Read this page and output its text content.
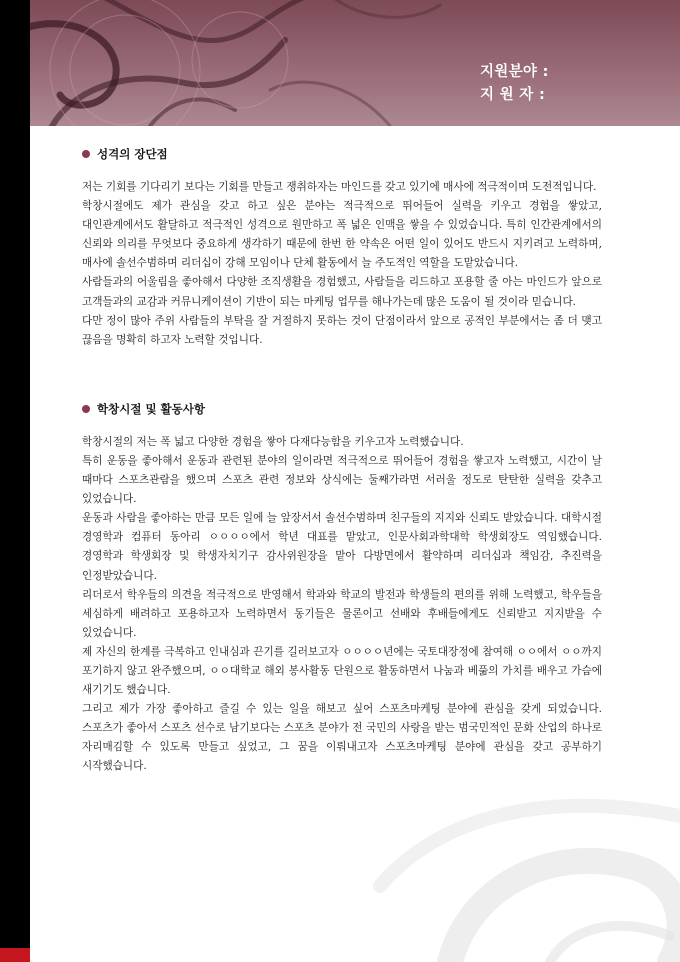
지원분야 :
지 원 자 :
성격의 장단점

저는 기회를 기다리기 보다는 기회를 만들고 쟁취하자는 마인드를 갖고 있기에 매사에 적극적이며 도전적입니다.

학창시절에도 제가 관심을 갖고 하고 싶은 분야는 적극적으로 뛰어들어 실력을 키우고 경험을 쌓았고, 대인관계에서도 활달하고 적극적인 성격으로 원만하고 폭 넓은 인맥을 쌓을 수 있었습니다. 특히 인간관계에서의 신뢰와 의리를 무엇보다 중요하게 생각하기 때문에 한번 한 약속은 어떤 일이 있어도 반드시 지키려고 노력하며, 매사에 솔선수범하며 리더십이 강해 모임이나 단체 활동에서 늘 주도적인 역할을 도맡았습니다.

사람들과의 어울림을 좋아해서 다양한 조직생활을 경험했고, 사람들을 리드하고 포용할 줄 아는 마인드가 앞으로 고객들과의 교감과 커뮤니케이션이 기반이 되는 마케팅 업무를 해나가는데 많은 도움이 될 것이라 믿습니다.

다만 정이 많아 주위 사람들의 부탁을 잘 거절하지 못하는 것이 단점이라서 앞으로 공적인 부분에서는 좀 더 맺고 끊음을 명확히 하고자 노력할 것입니다.

학창시절 및 활동사항

학창시절의 저는 폭 넓고 다양한 경험을 쌓아 다재다능함을 키우고자 노력했습니다.

특히 운동을 좋아해서 운동과 관련된 분야의 일이라면 적극적으로 뛰어들어 경험을 쌓고자 노력했고, 시간이 날 때마다 스포츠관람을 했으며 스포츠 관련 정보와 상식에는 둘째가라면 서러울 정도로 탄탄한 실력을 갖추고 있었습니다.

운동과 사람을 좋아하는 만큼 모든 일에 늘 앞장서서 솔선수범하며 친구들의 지지와 신뢰도 받았습니다. 대학시절 경영학과 컴퓨터 동아리 ㅇㅇㅇㅇ에서 학년 대표를 맡았고, 인문사회과학대학 학생회장도 역임했습니다. 경영학과 학생회장 및 학생자치기구 감사위원장을 맡아 다방면에서 활약하며 리더십과 책임감, 추진력을 인정받았습니다.

리더로서 학우들의 의견을 적극적으로 반영해서 학과와 학교의 발전과 학생들의 편의를 위해 노력했고, 학우들을 세심하게 배려하고 포용하고자 노력하면서 동기들은 물론이고 선배와 후배들에게도 신뢰받고 지지받을 수 있었습니다.

제 자신의 한계를 극복하고 인내심과 끈기를 길러보고자 ㅇㅇㅇㅇ년에는 국토대장정에 참여해 ㅇㅇ에서 ㅇㅇ까지 포기하지 않고 완주했으며, ㅇㅇ대학교 해외 봉사활동 단원으로 활동하면서 나눔과 베풂의 가치를 배우고 가슴에 새기기도 했습니다.

그리고 제가 가장 좋아하고 즐길 수 있는 일을 해보고 싶어 스포츠마케팅 분야에 관심을 갖게 되었습니다. 스포츠가 좋아서 스포츠 선수로 남기보다는 스포츠 분야가 전 국민의 사랑을 받는 범국민적인 문화 산업의 하나로 자리매김할 수 있도록 만들고 싶었고, 그 꿈을 이뤄내고자 스포츠마케팅 분야에 관심을 갖고 공부하기 시작했습니다.
